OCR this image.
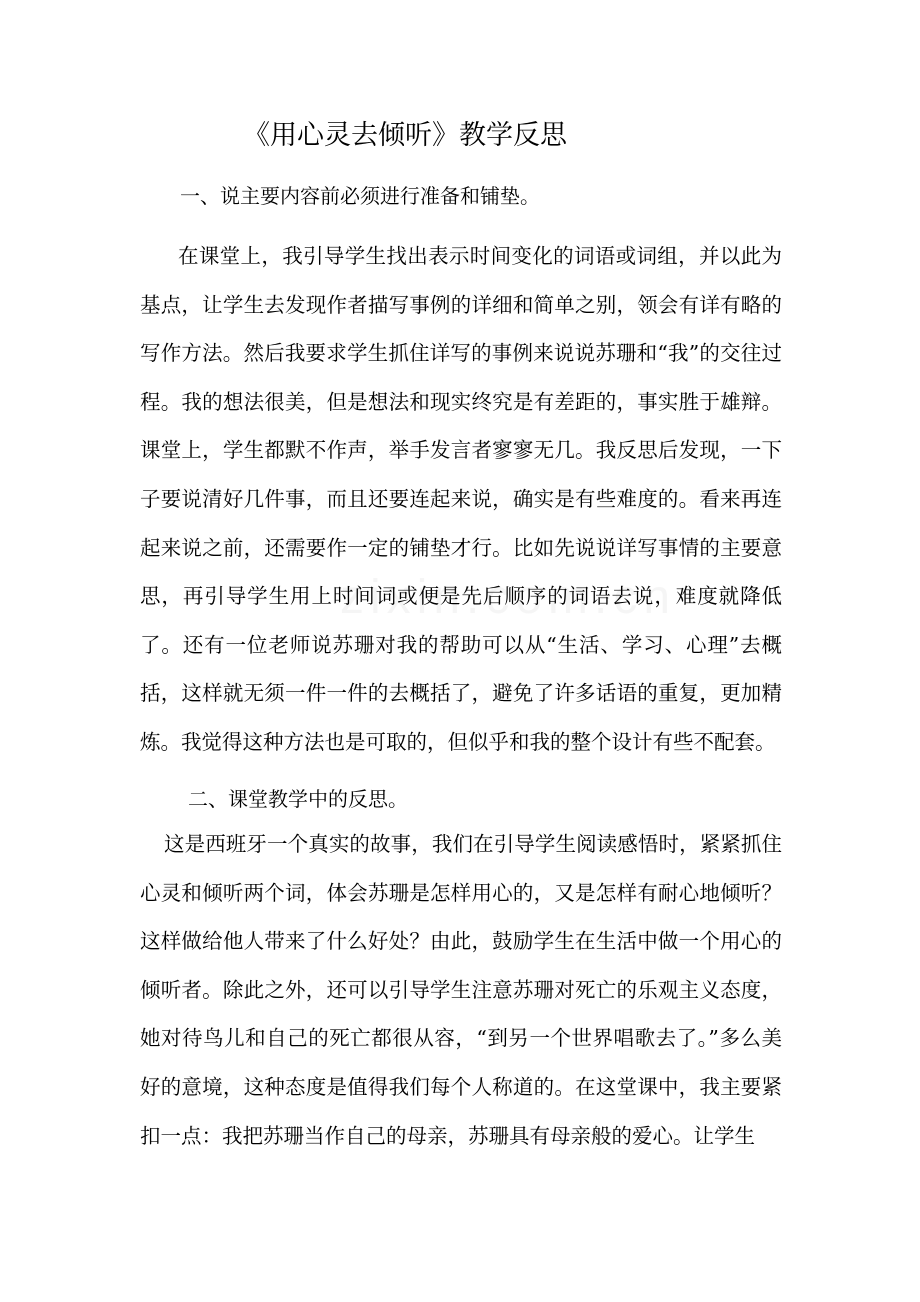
《用心灵去倾听》教学反思
一、说主要内容前必须进行准备和铺垫。

在课堂上，我引导学生找出表示时间变化的词语或词组，并以此为基点，让学生去发现作者描写事例的详细和简单之别，领会有详有略的写作方法。然后我要求学生抓住详写的事例来说说苏珊和“我”的交往过程。我的想法很美，但是想法和现实终究是有差距的，事实胜于雄辩。课堂上，学生都默不作声，举手发言者寥寥无几。我反思后发现，一下子要说清好几件事，而且还要连起来说，确实是有些难度的。看来再连起来说之前，还需要作一定的铺垫才行。比如先说说详写事情的主要意思，再引导学生用上时间词或便是先后顺序的词语去说，难度就降低了。还有一位老师说苏珊对我的帮助可以从“生活、学习、心理”去概括，这样就无须一件一件的去概括了，避免了许多话语的重复，更加精炼。我觉得这种方法也是可取的，但似乎和我的整个设计有些不配套。

二、课堂教学中的反思。

这是西班牙一个真实的故事，我们在引导学生阅读感悟时，紧紧抓住心灵和倾听两个词，体会苏珊是怎样用心的，又是怎样有耐心地倾听？这样做给他人带来了什么好处？由此，鼓励学生在生活中做一个用心的倾听者。除此之外，还可以引导学生注意苏珊对死亡的乐观主义态度，她对待鸟儿和自己的死亡都很从容，“到另一个世界唱歌去了。”多么美好的意境，这种态度是值得我们每个人称道的。在这堂课中，我主要紧扣一点：我把苏珊当作自己的母亲，苏珊具有母亲般的爱心。让学生
